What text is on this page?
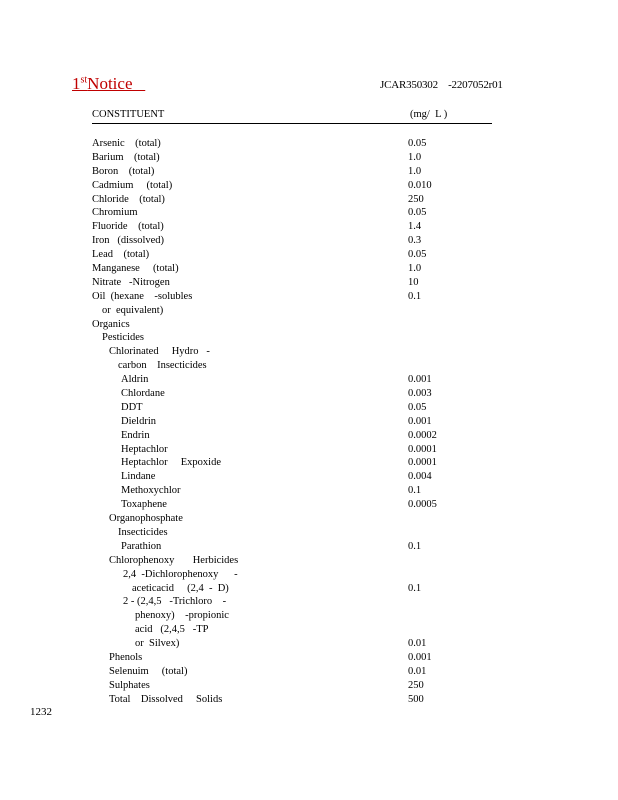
1stNotice	JCAR350302    -2207052r01
CONSTITUENT	(mg/  L )
Arsenic    (total)	0.05
Barium    (total)	1.0
Boron    (total)	1.0
Cadmium     (total)	0.010
Chloride    (total)	250
Chromium	0.05
Fluoride    (total)	1.4
Iron   (dissolved)	0.3
Lead    (total)	0.05
Manganese     (total)	1.0
Nitrate   -Nitrogen	10
Oil  (hexane    -solubles	0.1
or  equivalent)
Organics
Pesticides
Chlorinated     Hydro   -
carbon    Insecticides
Aldrin	0.001
Chlordane	0.003
DDT	0.05
Dieldrin	0.001
Endrin	0.0002
Heptachlor	0.0001
Heptachlor     Expoxide	0.0001
Lindane	0.004
Methoxychlor	0.1
Toxaphene	0.0005
Organophosphate
Insecticides
Parathion	0.1
Chlorophenoxy       Herbicides
2,4  -Dichlorophenoxy      -
aceticacid     (2,4  -  D)	0.1
2 - (2,4,5   -Trichloro    -
phenoxy)    -propionic
acid   (2,4,5   -TP
or  Silvex)	0.01
Phenols	0.001
Selenuim     (total)	0.01
Sulphates	250
Total    Dissolved     Solids	500
1232
